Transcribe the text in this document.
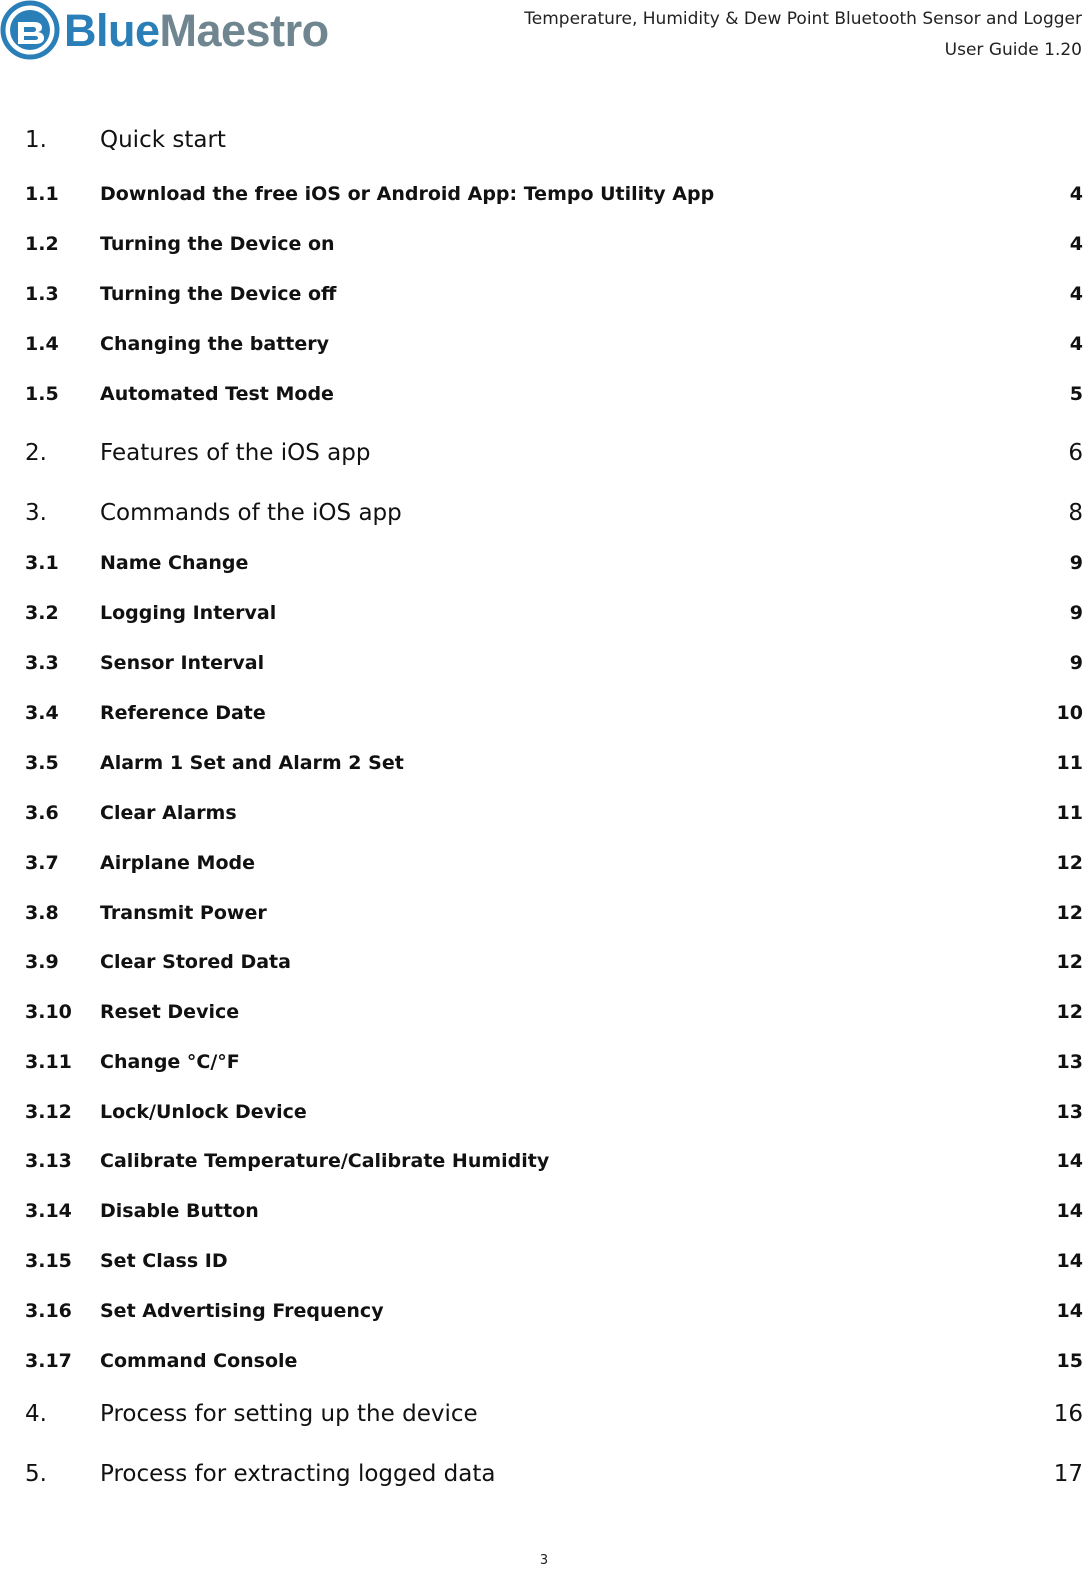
BlueMaestro	Temperature, Humidity & Dew Point Bluetooth Sensor and Logger
User Guide 1.20
1. Quick start
1.1 Download the free iOS or Android App: Tempo Utility App	4
1.2 Turning the Device on	4
1.3 Turning the Device off	4
1.4 Changing the battery	4
1.5 Automated Test Mode	5
2. Features of the iOS app	6
3. Commands of the iOS app	8
3.1 Name Change	9
3.2 Logging Interval	9
3.3 Sensor Interval	9
3.4 Reference Date	10
3.5 Alarm 1 Set and Alarm 2 Set	11
3.6 Clear Alarms	11
3.7 Airplane Mode	12
3.8 Transmit Power	12
3.9 Clear Stored Data	12
3.10 Reset Device	12
3.11 Change °C/°F	13
3.12 Lock/Unlock Device	13
3.13 Calibrate Temperature/Calibrate Humidity	14
3.14 Disable Button	14
3.15 Set Class ID	14
3.16 Set Advertising Frequency	14
3.17 Command Console	15
4. Process for setting up the device	16
5. Process for extracting logged data	17
3
